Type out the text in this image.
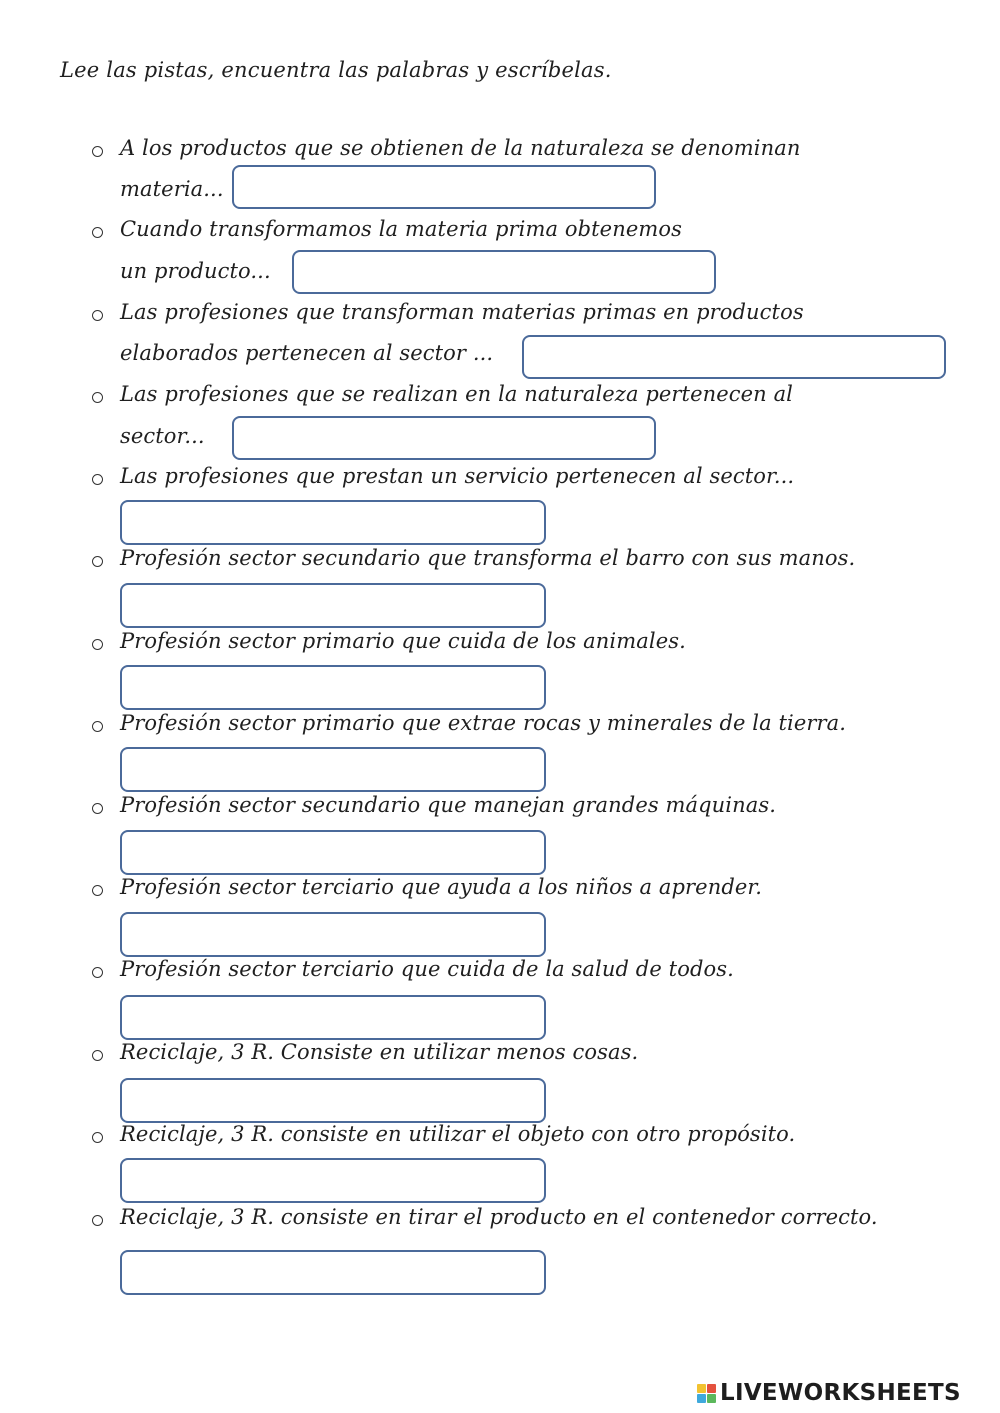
Lee las pistas, encuentra las palabras y escríbelas.
A los productos que se obtienen de la naturaleza se denominan
materia...
Cuando transformamos la materia prima obtenemos
un producto...
Las profesiones que transforman materias primas en productos
elaborados pertenecen al sector ...
Las profesiones que se realizan en la naturaleza pertenecen al
sector...
Las profesiones que prestan un servicio pertenecen al sector...
Profesión sector secundario que transforma el barro con sus manos.
Profesión sector primario que cuida de los animales.
Profesión sector primario que extrae rocas y minerales de la tierra.
Profesión sector secundario que manejan grandes máquinas.
Profesión sector terciario que ayuda a los niños a aprender.
Profesión sector terciario que cuida de la salud de todos.
Reciclaje, 3 R. Consiste en utilizar menos cosas.
Reciclaje, 3 R. consiste en utilizar el objeto con otro propósito.
Reciclaje, 3 R. consiste en tirar el producto en el contenedor correcto.
LIVEWORKSHEETS
